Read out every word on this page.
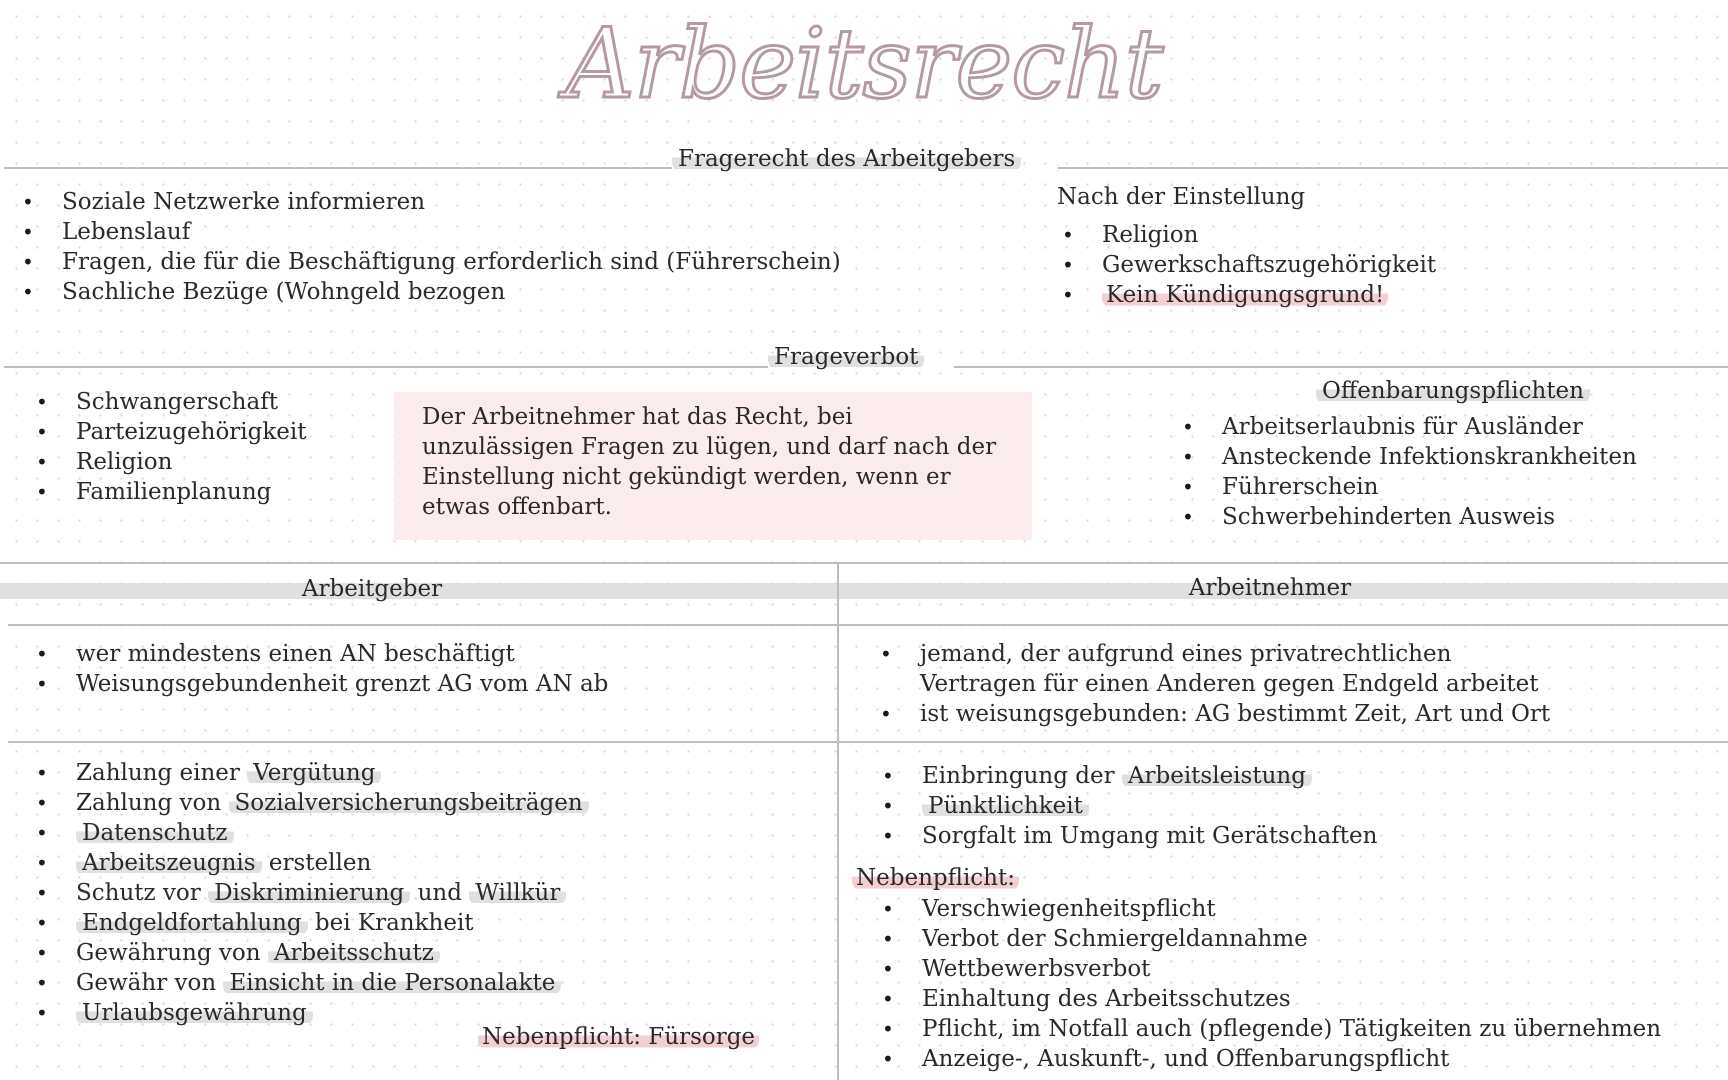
Arbeitsrecht
Fragerecht des Arbeitgebers
• Soziale Netzwerke informieren
• Lebenslauf
• Fragen, die für die Beschäftigung erforderlich sind (Führerschein)
• Sachliche Bezüge (Wohngeld bezogen
Nach der Einstellung
• Religion
• Gewerkschaftszugehörigkeit
• Kein Kündigungsgrund!
Frageverbot
• Schwangerschaft
• Parteizugehörigkeit
• Religion
• Familienplanung
Der Arbeitnehmer hat das Recht, bei unzulässigen Fragen zu lügen, und darf nach der Einstellung nicht gekündigt werden, wenn er etwas offenbart.
Offenbarungspflichten
• Arbeitserlaubnis für Ausländer
• Ansteckende Infektionskrankheiten
• Führerschein
• Schwerbehinderten Ausweis
Arbeitgeber	Arbeitnehmer
• wer mindestens einen AN beschäftigt
• Weisungsgebundenheit grenzt AG vom AN ab
• jemand, der aufgrund eines privatrechtlichen
Vertragen für einen Anderen gegen Endgeld arbeitet
• ist weisungsgebunden: AG bestimmt Zeit, Art und Ort
• Zahlung einer Vergütung
• Zahlung von Sozialversicherungsbeiträgen
• Datenschutz
• Arbeitszeugnis erstellen
• Schutz vor Diskriminierung und Willkür
• Endgeldfortahlung bei Krankheit
• Gewährung von Arbeitsschutz
• Gewähr von Einsicht in die Personalakte
• Urlaubsgewährung
Nebenpflicht: Fürsorge
• Einbringung der Arbeitsleistung
• Pünktlichkeit
• Sorgfalt im Umgang mit Gerätschaften
Nebenpflicht:
• Verschwiegenheitspflicht
• Verbot der Schmiergeldannahme
• Wettbewerbsverbot
• Einhaltung des Arbeitsschutzes
• Pflicht, im Notfall auch (pflegende) Tätigkeiten zu übernehmen
• Anzeige-, Auskunft-, und Offenbarungspflicht
